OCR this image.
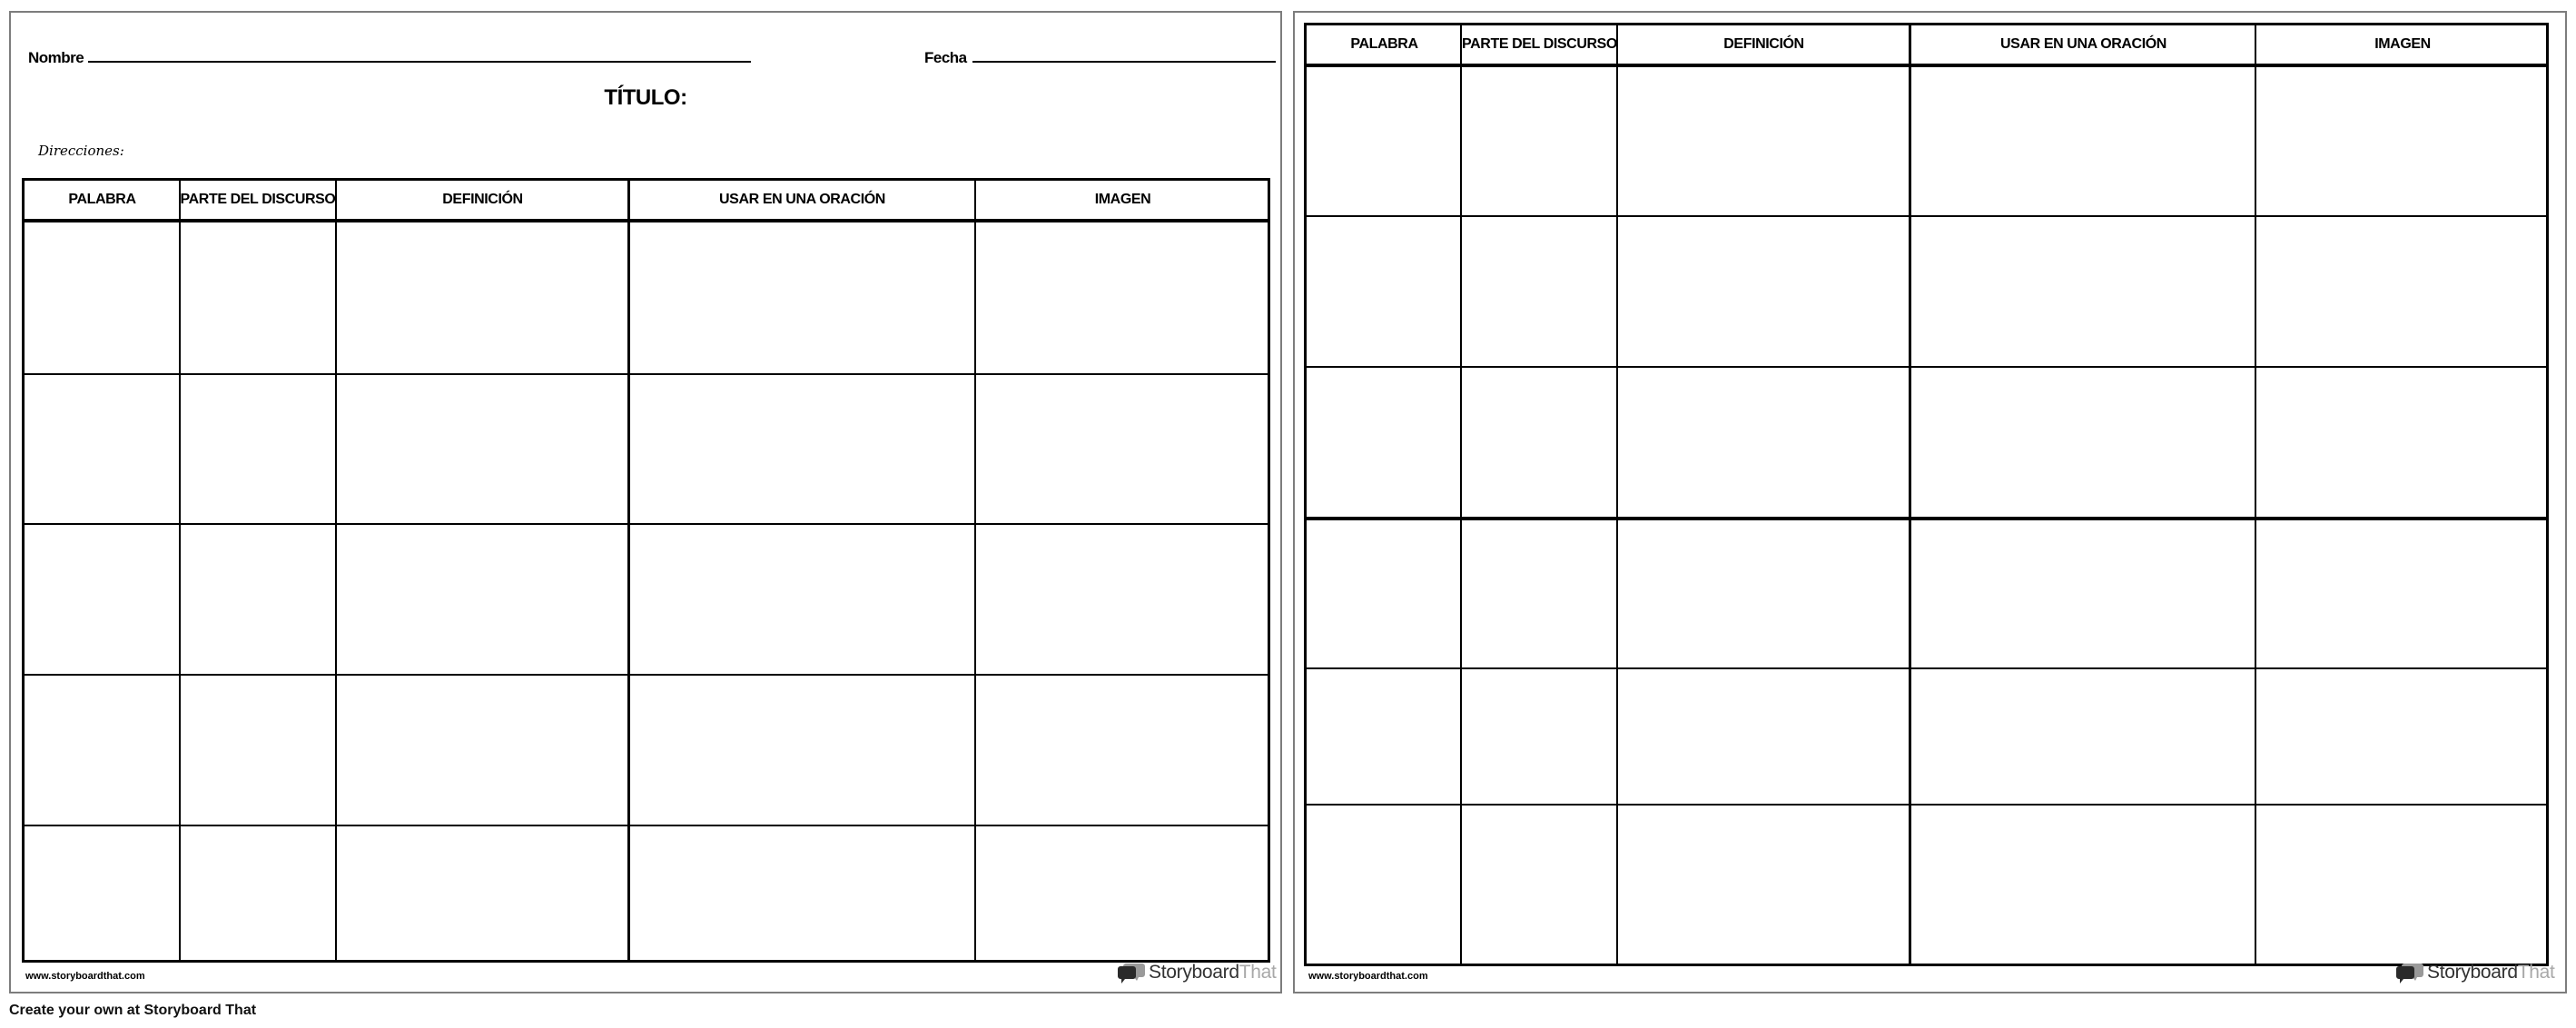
Nombre	Fecha
TÍTULO:
Direcciones:
PALABRA	PARTE DEL DISCURSO	DEFINICIÓN	USAR EN UNA ORACIÓN	IMAGEN
www.storyboardthat.com	StoryboardThat
PALABRA	PARTE DEL DISCURSO	DEFINICIÓN	USAR EN UNA ORACIÓN	IMAGEN
www.storyboardthat.com	StoryboardThat
Create your own at Storyboard That
